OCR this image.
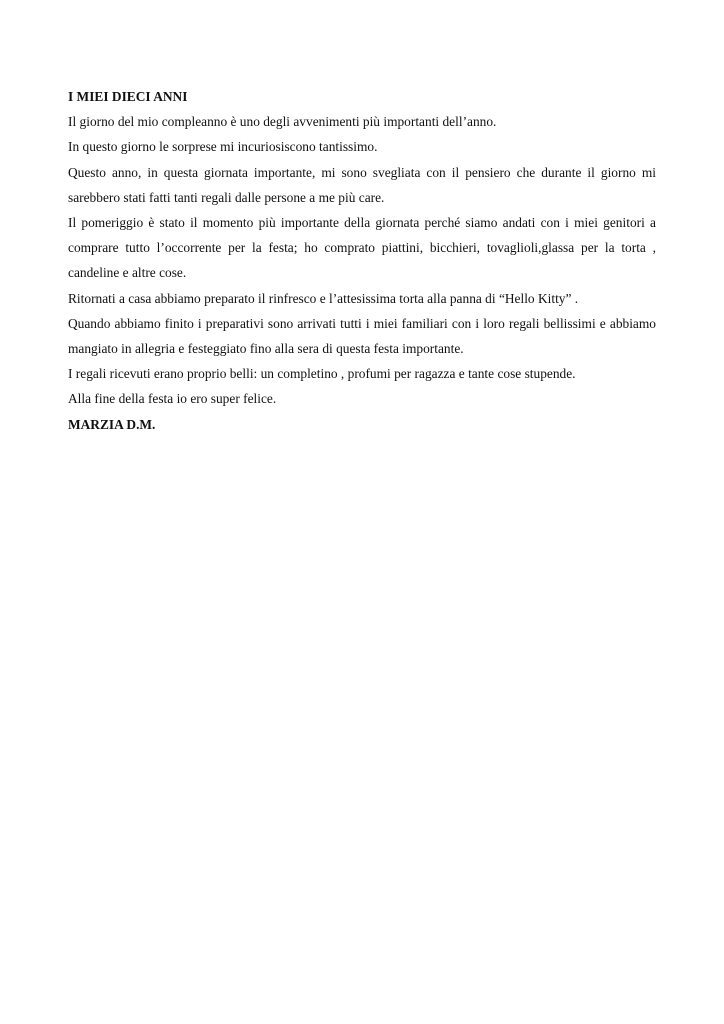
I MIEI DIECI ANNI

Il giorno del mio compleanno è uno degli avvenimenti più importanti dell’anno.

In questo giorno le sorprese mi incuriosiscono tantissimo.

Questo anno, in questa giornata importante, mi sono svegliata con il pensiero che durante il giorno mi sarebbero stati fatti tanti regali dalle persone a me più care.

Il pomeriggio è stato il momento più importante della giornata perché siamo andati con i miei genitori a comprare tutto l’occorrente per la festa; ho comprato piattini, bicchieri, tovaglioli,glassa per la torta , candeline e altre cose.

Ritornati a casa abbiamo preparato il rinfresco e l’attesissima torta alla panna di “Hello Kitty” .

Quando abbiamo finito i preparativi sono arrivati tutti i miei familiari con i loro regali bellissimi e abbiamo mangiato in allegria e festeggiato fino alla sera di questa festa importante.

I regali ricevuti erano proprio belli: un completino , profumi per ragazza e tante cose stupende.

Alla fine della festa io ero super felice.

MARZIA D.M.
